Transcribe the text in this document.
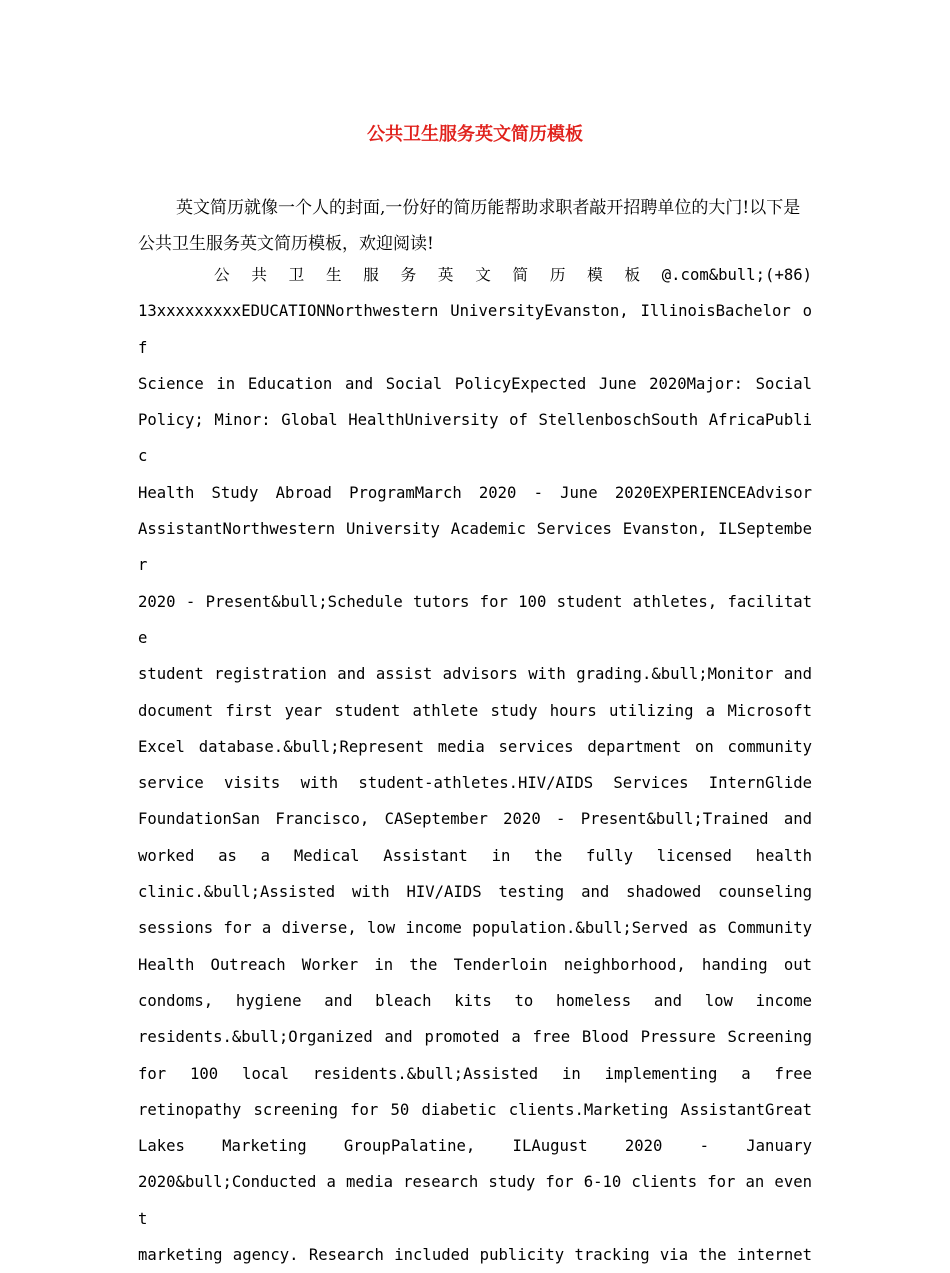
公共卫生服务英文简历模板

英文简历就像一个人的封面,一份好的简历能帮助求职者敲开招聘单位的大门!以下是公共卫生服务英文简历模板，欢迎阅读!

公 共 卫 生 服 务 英 文 简 历 模 板 @.com&bull;(+86)
13xxxxxxxxxEDUCATIONNorthwestern UniversityEvanston, IllinoisBachelor of
Science in Education and Social PolicyExpected June 2020Major: Social
Policy; Minor: Global HealthUniversity of StellenboschSouth AfricaPublic
Health Study Abroad ProgramMarch 2020 - June 2020EXPERIENCEAdvisor
AssistantNorthwestern University Academic Services Evanston, ILSeptember
2020 - Present&bull;Schedule tutors for 100 student athletes, facilitate
student registration and assist advisors with grading.&bull;Monitor and
document first year student athlete study hours utilizing a Microsoft
Excel database.&bull;Represent media services department on community
service visits with student-athletes.HIV/AIDS Services InternGlide
FoundationSan Francisco, CASeptember 2020 - Present&bull;Trained and
worked as a Medical Assistant in the fully licensed health
clinic.&bull;Assisted with HIV/AIDS testing and shadowed counseling
sessions for a diverse, low income population.&bull;Served as Community
Health Outreach Worker in the Tenderloin neighborhood, handing out
condoms, hygiene and bleach kits to homeless and low income
residents.&bull;Organized and promoted a free Blood Pressure Screening
for 100 local residents.&bull;Assisted in implementing a free
retinopathy screening for 50 diabetic clients.Marketing AssistantGreat
Lakes Marketing GroupPalatine, ILAugust 2020 - January
2020&bull;Conducted a media research study for 6-10 clients for an event
marketing agency. Research included publicity tracking via the internet
